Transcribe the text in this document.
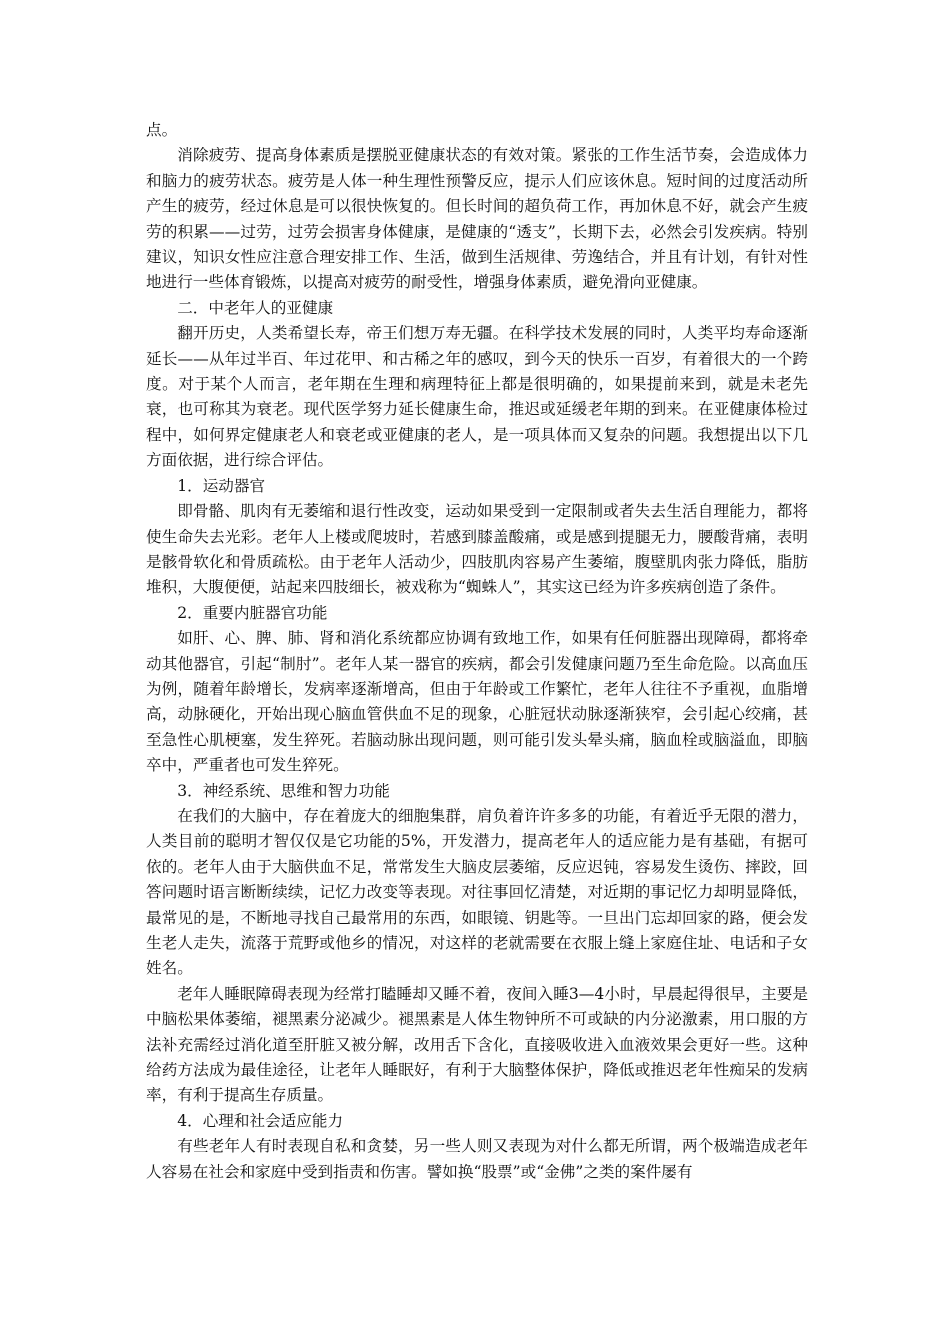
点。

消除疲劳、提高身体素质是摆脱亚健康状态的有效对策。紧张的工作生活节奏，会造成体力和脑力的疲劳状态。疲劳是人体一种生理性预警反应，提示人们应该休息。短时间的过度活动所产生的疲劳，经过休息是可以很快恢复的。但长时间的超负荷工作，再加休息不好，就会产生疲劳的积累——过劳，过劳会损害身体健康，是健康的“透支”，长期下去，必然会引发疾病。特别建议，知识女性应注意合理安排工作、生活，做到生活规律、劳逸结合，并且有计划，有针对性地进行一些体育锻炼，以提高对疲劳的耐受性，增强身体素质，避免滑向亚健康。

二．中老年人的亚健康

翻开历史，人类希望长寿，帝王们想万寿无疆。在科学技术发展的同时，人类平均寿命逐渐延长——从年过半百、年过花甲、和古稀之年的感叹，到今天的快乐一百岁，有着很大的一个跨度。对于某个人而言，老年期在生理和病理特征上都是很明确的，如果提前来到，就是未老先衰，也可称其为衰老。现代医学努力延长健康生命，推迟或延缓老年期的到来。在亚健康体检过程中，如何界定健康老人和衰老或亚健康的老人，是一项具体而又复杂的问题。我想提出以下几方面依据，进行综合评估。

1．运动器官

即骨骼、肌肉有无萎缩和退行性改变，运动如果受到一定限制或者失去生活自理能力，都将使生命失去光彩。老年人上楼或爬坡时，若感到膝盖酸痛，或是感到提腿无力，腰酸背痛，表明是骸骨软化和骨质疏松。由于老年人活动少，四肢肌肉容易产生萎缩，腹壁肌肉张力降低，脂肪堆积，大腹便便，站起来四肢细长，被戏称为“蜘蛛人”，其实这已经为许多疾病创造了条件。

2．重要内脏器官功能

如肝、心、脾、肺、肾和消化系统都应协调有致地工作，如果有任何脏器出现障碍，都将牵动其他器官，引起“制肘”。老年人某一器官的疾病，都会引发健康问题乃至生命危险。以高血压为例，随着年龄增长，发病率逐渐增高，但由于年龄或工作繁忙，老年人往往不予重视，血脂增高，动脉硬化，开始出现心脑血管供血不足的现象，心脏冠状动脉逐渐狭窄，会引起心绞痛，甚至急性心肌梗塞，发生猝死。若脑动脉出现问题，则可能引发头晕头痛，脑血栓或脑溢血，即脑卒中，严重者也可发生猝死。

3．神经系统、思维和智力功能

在我们的大脑中，存在着庞大的细胞集群，肩负着许许多多的功能，有着近乎无限的潜力，人类目前的聪明才智仅仅是它功能的5%，开发潜力，提高老年人的适应能力是有基础，有据可依的。老年人由于大脑供血不足，常常发生大脑皮层萎缩，反应迟钝，容易发生烫伤、摔跤，回答问题时语言断断续续，记忆力改变等表现。对往事回忆清楚，对近期的事记忆力却明显降低，最常见的是，不断地寻找自己最常用的东西，如眼镜、钥匙等。一旦出门忘却回家的路，便会发生老人走失，流落于荒野或他乡的情况，对这样的老就需要在衣服上缝上家庭住址、电话和子女姓名。

老年人睡眠障碍表现为经常打瞌睡却又睡不着，夜间入睡3—4小时，早晨起得很早，主要是中脑松果体萎缩，褪黑素分泌减少。褪黑素是人体生物钟所不可或缺的内分泌激素，用口服的方法补充需经过消化道至肝脏又被分解，改用舌下含化，直接吸收进入血液效果会更好一些。这种给药方法成为最佳途径，让老年人睡眠好，有利于大脑整体保护，降低或推迟老年性痴呆的发病率，有利于提高生存质量。

4．心理和社会适应能力

有些老年人有时表现自私和贪婪，另一些人则又表现为对什么都无所谓，两个极端造成老年人容易在社会和家庭中受到指责和伤害。譬如换“股票”或“金佛”之类的案件屡有
